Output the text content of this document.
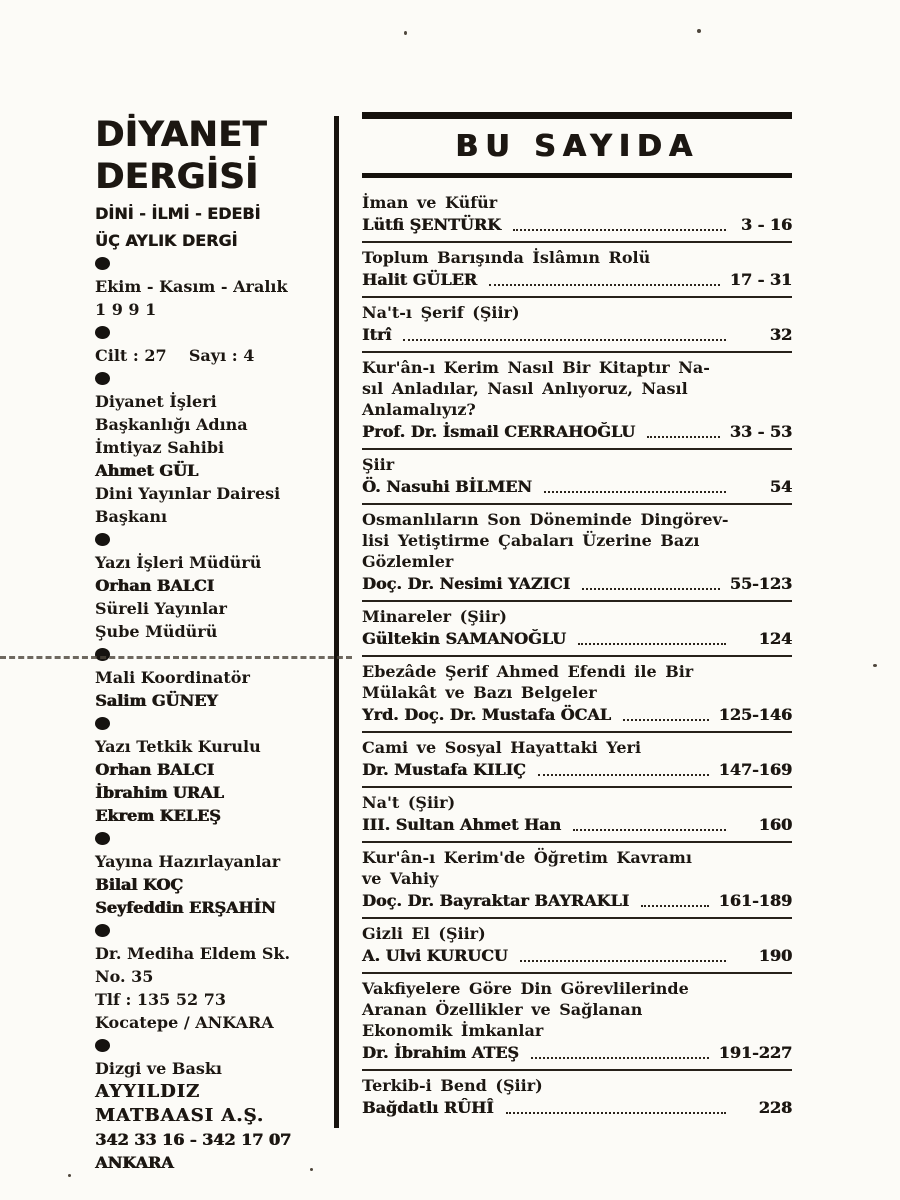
DİYANET
DERGİSİ
DİNİ - İLMİ - EDEBİ
ÜÇ AYLIK DERGİ
Ekim - Kasım - Aralık
1 9 9 1
Cilt : 27    Sayı : 4
Diyanet İşleri
Başkanlığı Adına
İmtiyaz Sahibi
Ahmet GÜL
Dini Yayınlar Dairesi
Başkanı
Yazı İşleri Müdürü
Orhan BALCI
Süreli Yayınlar
Şube Müdürü
Mali Koordinatör
Salim GÜNEY
Yazı Tetkik Kurulu
Orhan BALCI
İbrahim URAL
Ekrem KELEŞ
Yayına Hazırlayanlar
Bilal KOÇ
Seyfeddin ERŞAHİN
Dr. Mediha Eldem Sk.
No. 35
Tlf : 135 52 73
Kocatepe / ANKARA
Dizgi ve Baskı
AYYILDIZ
MATBAASI A.Ş.
342 33 16 - 342 17 07
ANKARA
BU SAYIDA
İman ve Küfür
Lütfi ŞENTÜRK	3 - 16
Toplum Barışında İslâmın Rolü
Halit GÜLER	17 - 31
Na't-ı Şerif (Şiir)
Itrî	32
Kur'ân-ı Kerim Nasıl Bir Kitaptır Na-
sıl Anladılar, Nasıl Anlıyoruz, Nasıl
Anlamalıyız?
Prof. Dr. İsmail CERRAHOĞLU	33 - 53
Şiir
Ö. Nasuhi BİLMEN	54
Osmanlıların Son Döneminde Dingörev-
lisi Yetiştirme Çabaları Üzerine Bazı
Gözlemler
Doç. Dr. Nesimi YAZICI	55-123
Minareler (Şiir)
Gültekin SAMANOĞLU	124
Ebezâde Şerif Ahmed Efendi ile Bir
Mülakât ve Bazı Belgeler
Yrd. Doç. Dr. Mustafa ÖCAL	125-146
Cami ve Sosyal Hayattaki Yeri
Dr. Mustafa KILIÇ	147-169
Na't (Şiir)
III. Sultan Ahmet Han	160
Kur'ân-ı Kerim'de Öğretim Kavramı
ve Vahiy
Doç. Dr. Bayraktar BAYRAKLI	161-189
Gizli El (Şiir)
A. Ulvi KURUCU	190
Vakfiyelere Göre Din Görevlilerinde
Aranan Özellikler ve Sağlanan
Ekonomik İmkanlar
Dr. İbrahim ATEŞ	191-227
Terkib-i Bend (Şiir)
Bağdatlı RÛHÎ	228
